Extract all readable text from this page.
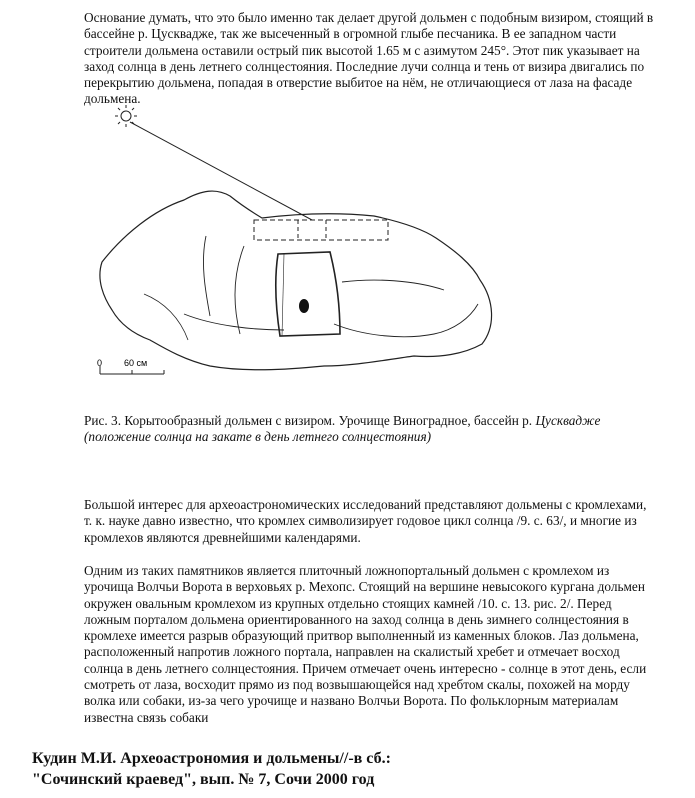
Основание думать, что это было именно так делает другой дольмен с подобным визиром, стоящий в бассейне р. Цускваджe, так же высеченный в огромной глыбе песчаника. В ее западном части строители дольмена оставили острый пик высотой 1.65 м с азимутом 245°. Этот пик указывает на заход солнца в день летнего солнцестояния. Последние лучи солнца и тень от визира двигались по перекрытию дольмена, попадая в отверстие выбитое на нём, не отличающиеся от лаза на фасаде дольмена.

0 60 см
Рис. 3. Корытообразный дольмен с визиром. Урочище Виноградное, бассейн р. Цускваджe (положение солнца на закате в день летнего солнцестояния)

Большой интерес для археоастрономических исследований представляют дольмены с кромлехами, т. к. науке давно известно, что кромлех символизирует годовое цикл солнца /9. с. 63/, и многие из кромлехов являются древнейшими календарями.

Одним из таких памятников является плиточный ложнопортальный дольмен с кромлехом из урочища Волчьи Ворота в верховьях р. Мехопс. Стоящий на вершине невысокого кургана дольмен окружен овальным кромлехом из крупных отдельно стоящих камней /10. с. 13. рис. 2/. Перед ложным порталом дольмена ориентированного на заход солнца в день зимнего солнцестояния в кромлехе имеется разрыв образующий притвор выполненный из каменных блоков. Лаз дольмена, расположенный напротив ложного портала, направлен на скалистый хребет и отмечает восход солнца в день летнего солнцестояния. Причем отмечает очень интересно - солнце в этот день, если смотреть от лаза, восходит прямо из под возвышающейся над хребтом скалы, похожей на морду волка или собаки, из-за чего урочище и названо Волчьи Ворота. По фольклорным материалам известна связь собаки

Кудин М.И. Археоастрономия и дольмены//-в сб.:
"Сочинский краевед", вып. № 7, Сочи 2000 год
